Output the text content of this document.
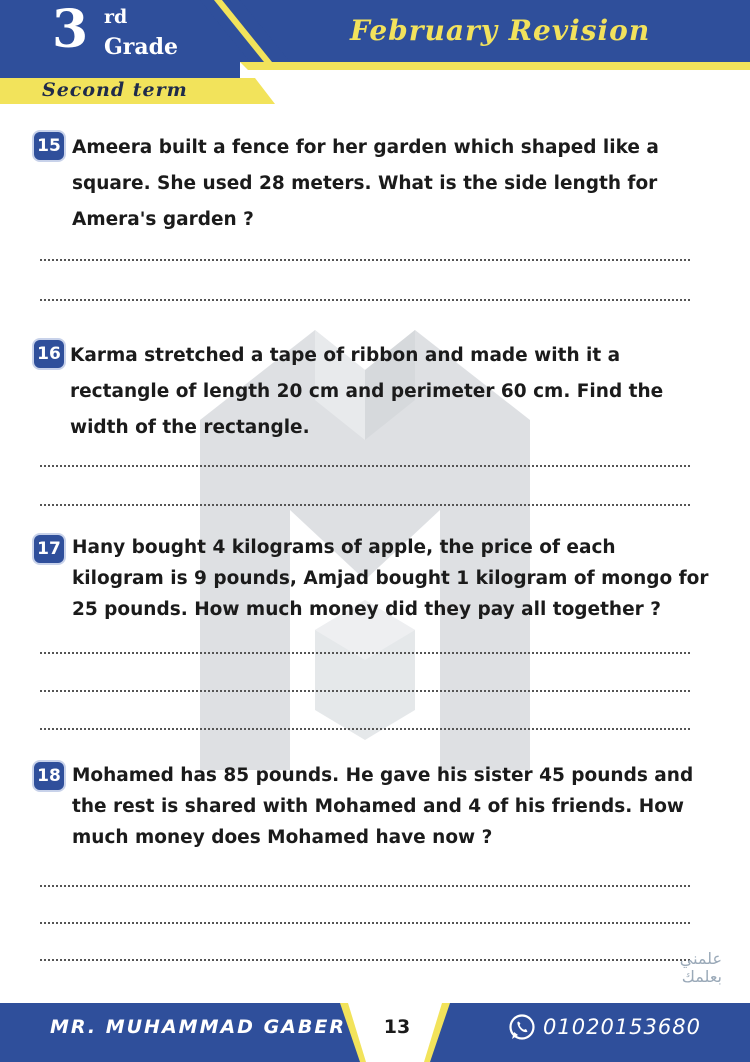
3 rd
Grade	February Revision
Second term
15 Ameera built a fence for her garden which shaped like a square. She used 28 meters. What is the side length for Amera's garden ?
16 Karma stretched a tape of ribbon and made with it a rectangle of length 20 cm and perimeter 60 cm. Find the width of the rectangle.
17 Hany bought 4 kilograms of apple, the price of each kilogram is 9 pounds, Amjad bought 1 kilogram of mongo for 25 pounds. How much money did they pay all together ?
18 Mohamed has 85 pounds. He gave his sister 45 pounds and the rest is shared with Mohamed and 4 of his friends. How much money does Mohamed have now ?
علمني
بعلمك
MR. MUHAMMAD GABER	13	01020153680
